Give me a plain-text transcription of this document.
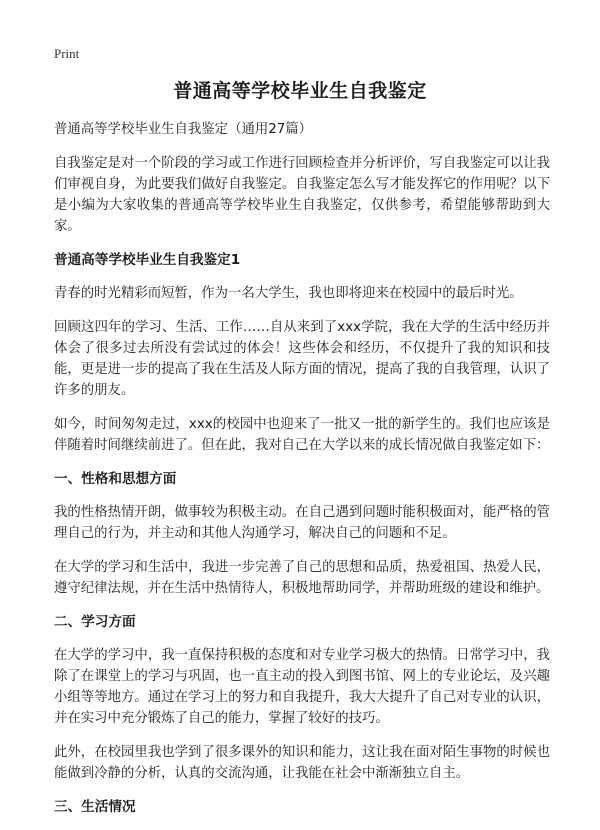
Print
普通高等学校毕业生自我鉴定
普通高等学校毕业生自我鉴定（通用27篇）

自我鉴定是对一个阶段的学习或工作进行回顾检查并分析评价，写自我鉴定可以让我们审视自身，为此要我们做好自我鉴定。自我鉴定怎么写才能发挥它的作用呢？以下是小编为大家收集的普通高等学校毕业生自我鉴定，仅供参考，希望能够帮助到大家。

普通高等学校毕业生自我鉴定1

青春的时光精彩而短暂，作为一名大学生，我也即将迎来在校园中的最后时光。

回顾这四年的学习、生活、工作……自从来到了xxx学院，我在大学的生活中经历并体会了很多过去所没有尝试过的体会！这些体会和经历，不仅提升了我的知识和技能，更是进一步的提高了我在生活及人际方面的情况，提高了我的自我管理，认识了许多的朋友。

如今，时间匆匆走过，xxx的校园中也迎来了一批又一批的新学生的。我们也应该是伴随着时间继续前进了。但在此，我对自己在大学以来的成长情况做自我鉴定如下：

一、性格和思想方面

我的性格热情开朗，做事较为积极主动。在自己遇到问题时能积极面对，能严格的管理自己的行为，并主动和其他人沟通学习，解决自己的问题和不足。

在大学的学习和生活中，我进一步完善了自己的思想和品质，热爱祖国、热爱人民，遵守纪律法规，并在生活中热情待人，积极地帮助同学，并帮助班级的建设和维护。

二、学习方面

在大学的学习中，我一直保持积极的态度和对专业学习极大的热情。日常学习中，我除了在课堂上的学习与巩固，也一直主动的投入到图书馆、网上的专业论坛，及兴趣小组等等地方。通过在学习上的努力和自我提升，我大大提升了自己对专业的认识，并在实习中充分锻炼了自己的能力，掌握了较好的技巧。

此外，在校园里我也学到了很多课外的知识和能力，这让我在面对陌生事物的时候也能做到冷静的分析，认真的交流沟通，让我能在社会中渐渐独立自主。

三、生活情况
